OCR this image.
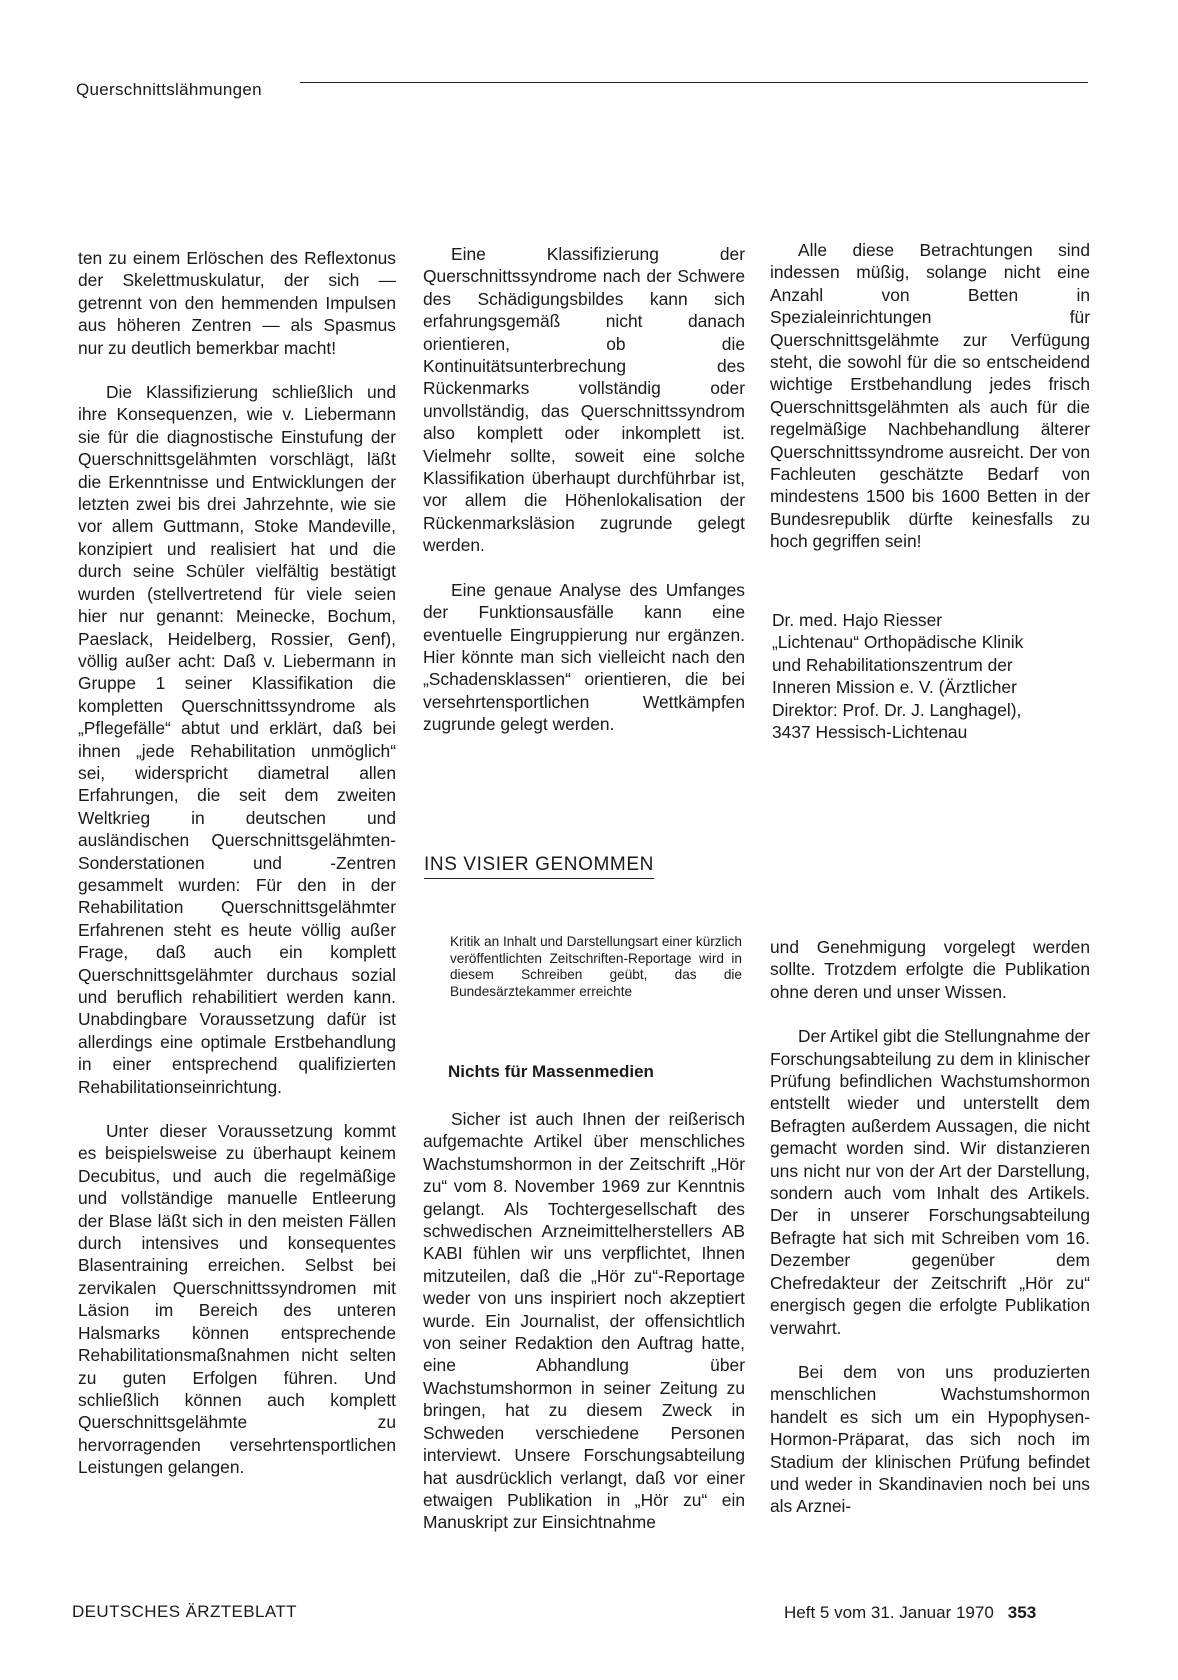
Querschnittslähmungen

ten zu einem Erlöschen des Reflextonus der Skelettmuskulatur, der sich — getrennt von den hemmenden Impulsen aus höheren Zentren — als Spasmus nur zu deutlich bemerkbar macht!

Die Klassifizierung schließlich und ihre Konsequenzen, wie v. Liebermann sie für die diagnostische Einstufung der Querschnittsgelähmten vorschlägt, läßt die Erkenntnisse und Entwicklungen der letzten zwei bis drei Jahrzehnte, wie sie vor allem Guttmann, Stoke Mandeville, konzipiert und realisiert hat und die durch seine Schüler vielfältig bestätigt wurden (stellvertretend für viele seien hier nur genannt: Meinecke, Bochum, Paeslack, Heidelberg, Rossier, Genf), völlig außer acht: Daß v. Liebermann in Gruppe 1 seiner Klassifikation die kompletten Querschnittssyndrome als „Pflegefälle“ abtut und erklärt, daß bei ihnen „jede Rehabilitation unmöglich“ sei, widerspricht diametral allen Erfahrungen, die seit dem zweiten Weltkrieg in deutschen und ausländischen Querschnittsgelähmten-Sonderstationen und -Zentren gesammelt wurden: Für den in der Rehabilitation Querschnittsgelähmter Erfahrenen steht es heute völlig außer Frage, daß auch ein komplett Querschnittsgelähmter durchaus sozial und beruflich rehabilitiert werden kann. Unabdingbare Voraussetzung dafür ist allerdings eine optimale Erstbehandlung in einer entsprechend qualifizierten Rehabilitationseinrichtung.

Unter dieser Voraussetzung kommt es beispielsweise zu überhaupt keinem Decubitus, und auch die regelmäßige und vollständige manuelle Entleerung der Blase läßt sich in den meisten Fällen durch intensives und konsequentes Blasentraining erreichen. Selbst bei zervikalen Querschnittssyndromen mit Läsion im Bereich des unteren Halsmarks können entsprechende Rehabilitationsmaßnahmen nicht selten zu guten Erfolgen führen. Und schließlich können auch komplett Querschnittsgelähmte zu hervorragenden versehrtensportlichen Leistungen gelangen.

Eine Klassifizierung der Querschnittssyndrome nach der Schwere des Schädigungsbildes kann sich erfahrungsgemäß nicht danach orientieren, ob die Kontinuitätsunterbrechung des Rückenmarks vollständig oder unvollständig, das Querschnittssyndrom also komplett oder inkomplett ist. Vielmehr sollte, soweit eine solche Klassifikation überhaupt durchführbar ist, vor allem die Höhenlokalisation der Rückenmarksläsion zugrunde gelegt werden.

Eine genaue Analyse des Umfanges der Funktionsausfälle kann eine eventuelle Eingruppierung nur ergänzen. Hier könnte man sich vielleicht nach den „Schadensklassen“ orientieren, die bei versehrtensportlichen Wettkämpfen zugrunde gelegt werden.

Alle diese Betrachtungen sind indessen müßig, solange nicht eine Anzahl von Betten in Spezialeinrichtungen für Querschnittsgelähmte zur Verfügung steht, die sowohl für die so entscheidend wichtige Erstbehandlung jedes frisch Querschnittsgelähmten als auch für die regelmäßige Nachbehandlung älterer Querschnittssyndrome ausreicht. Der von Fachleuten geschätzte Bedarf von mindestens 1500 bis 1600 Betten in der Bundesrepublik dürfte keinesfalls zu hoch gegriffen sein!

Dr. med. Hajo Riesser
„Lichtenau“ Orthopädische Klinik
und Rehabilitationszentrum der
Inneren Mission e. V. (Ärztlicher
Direktor: Prof. Dr. J. Langhagel),
3437 Hessisch-Lichtenau
INS VISIER GENOMMEN
Kritik an Inhalt und Darstellungsart einer kürzlich veröffentlichten Zeitschriften-Reportage wird in diesem Schreiben geübt, das die Bundesärztekammer erreichte
Nichts für Massenmedien

Sicher ist auch Ihnen der reißerisch aufgemachte Artikel über menschliches Wachstumshormon in der Zeitschrift „Hör zu“ vom 8. November 1969 zur Kenntnis gelangt. Als Tochtergesellschaft des schwedischen Arzneimittelherstellers AB KABI fühlen wir uns verpflichtet, Ihnen mitzuteilen, daß die „Hör zu“-Reportage weder von uns inspiriert noch akzeptiert wurde. Ein Journalist, der offensichtlich von seiner Redaktion den Auftrag hatte, eine Abhandlung über Wachstumshormon in seiner Zeitung zu bringen, hat zu diesem Zweck in Schweden verschiedene Personen interviewt. Unsere Forschungsabteilung hat ausdrücklich verlangt, daß vor einer etwaigen Publikation in „Hör zu“ ein Manuskript zur Einsichtnahme

und Genehmigung vorgelegt werden sollte. Trotzdem erfolgte die Publikation ohne deren und unser Wissen.

Der Artikel gibt die Stellungnahme der Forschungsabteilung zu dem in klinischer Prüfung befindlichen Wachstumshormon entstellt wieder und unterstellt dem Befragten außerdem Aussagen, die nicht gemacht worden sind. Wir distanzieren uns nicht nur von der Art der Darstellung, sondern auch vom Inhalt des Artikels. Der in unserer Forschungsabteilung Befragte hat sich mit Schreiben vom 16. Dezember gegenüber dem Chefredakteur der Zeitschrift „Hör zu“ energisch gegen die erfolgte Publikation verwahrt.

Bei dem von uns produzierten menschlichen Wachstumshormon handelt es sich um ein Hypophysen-Hormon-Präparat, das sich noch im Stadium der klinischen Prüfung befindet und weder in Skandinavien noch bei uns als Arznei-

DEUTSCHES ÄRZTEBLATT	Heft 5 vom 31. Januar 1970 353
